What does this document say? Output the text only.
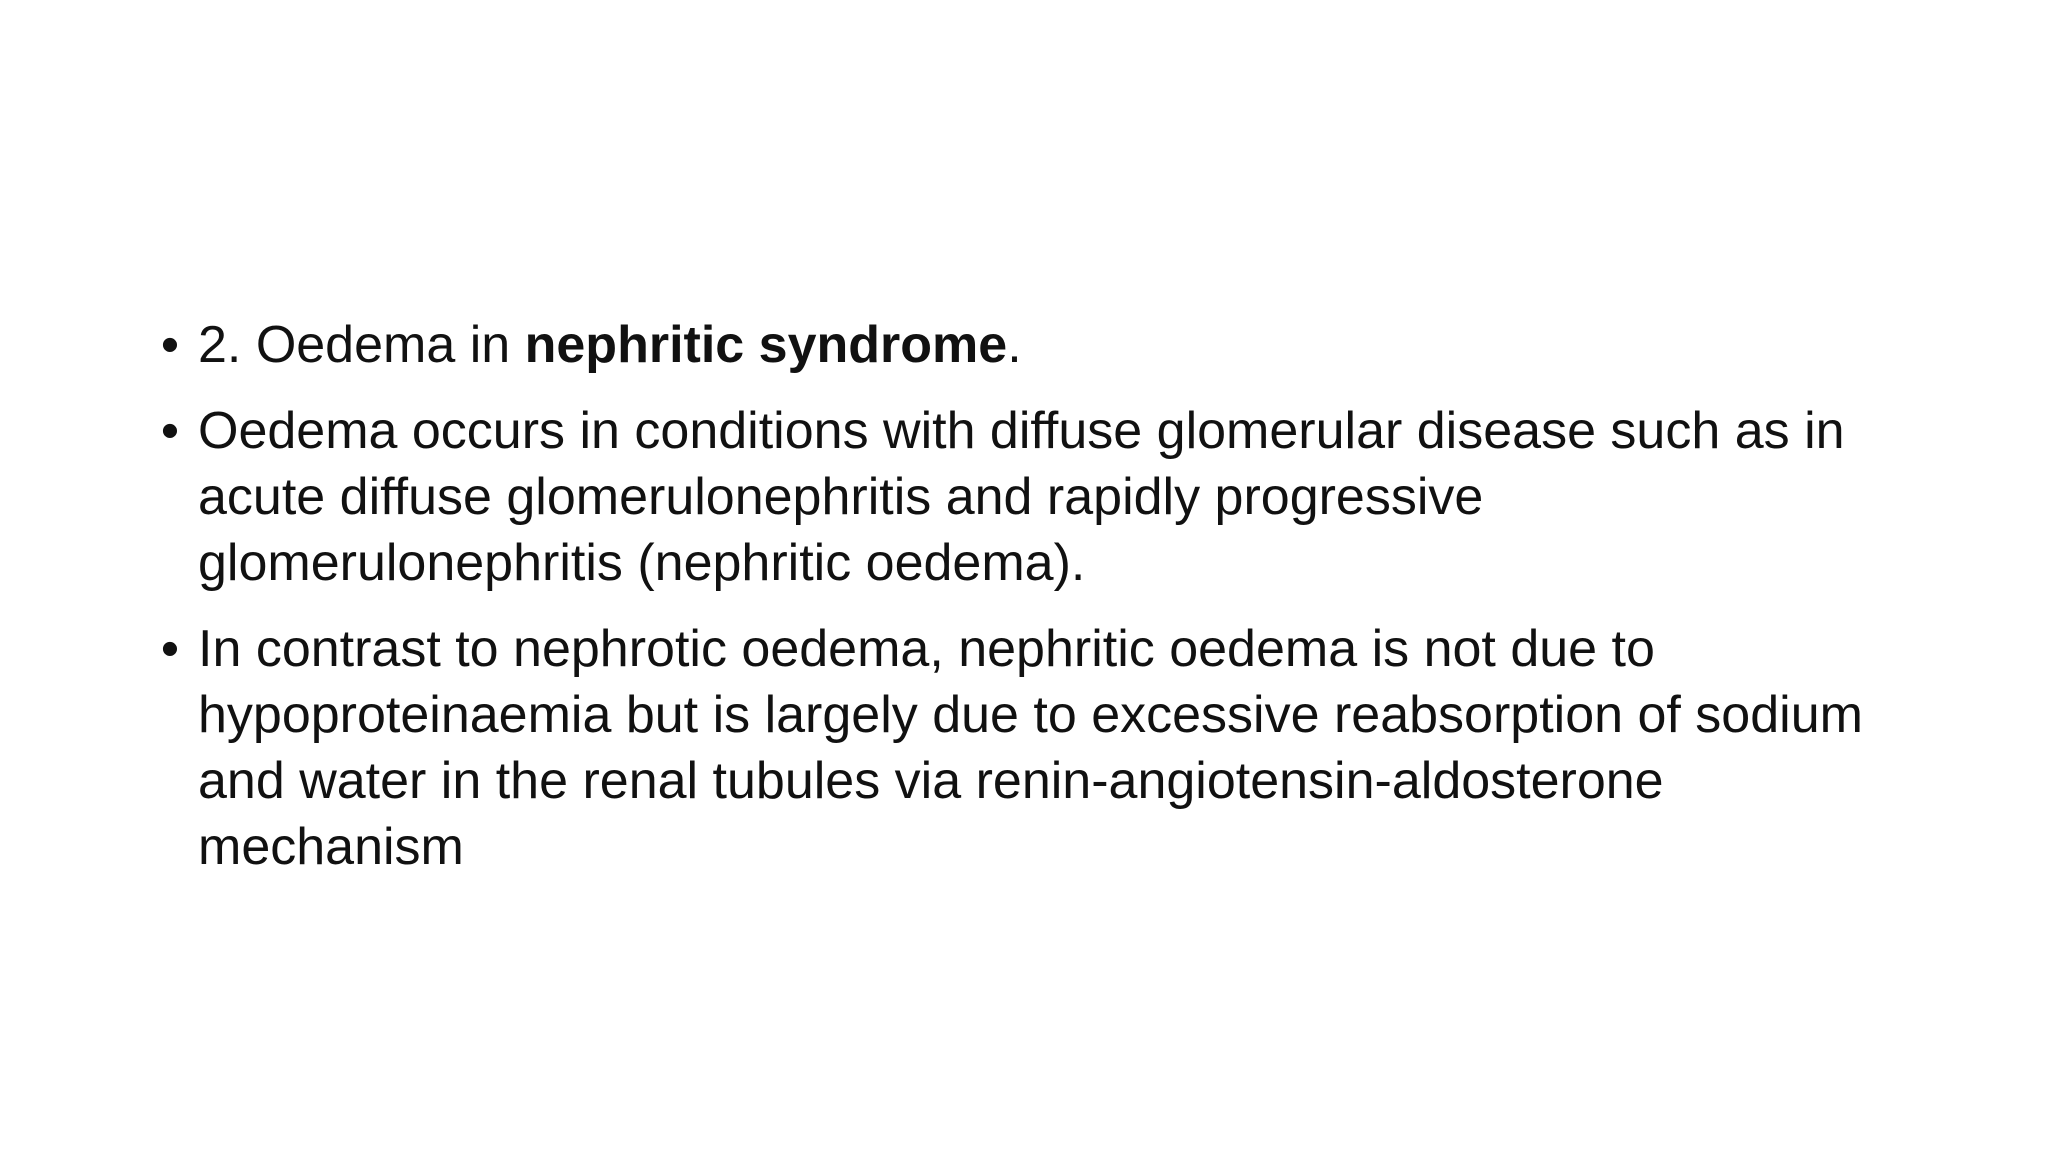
• 2. Oedema in nephritic syndrome.
• Oedema occurs in conditions with diffuse glomerular disease such as in acute diffuse glomerulonephritis and rapidly progressive glomerulonephritis (nephritic oedema).
• In contrast to nephrotic oedema, nephritic oedema is not due to hypoproteinaemia but is largely due to excessive reabsorption of sodium and water in the renal tubules via renin-angiotensin-aldosterone mechanism
